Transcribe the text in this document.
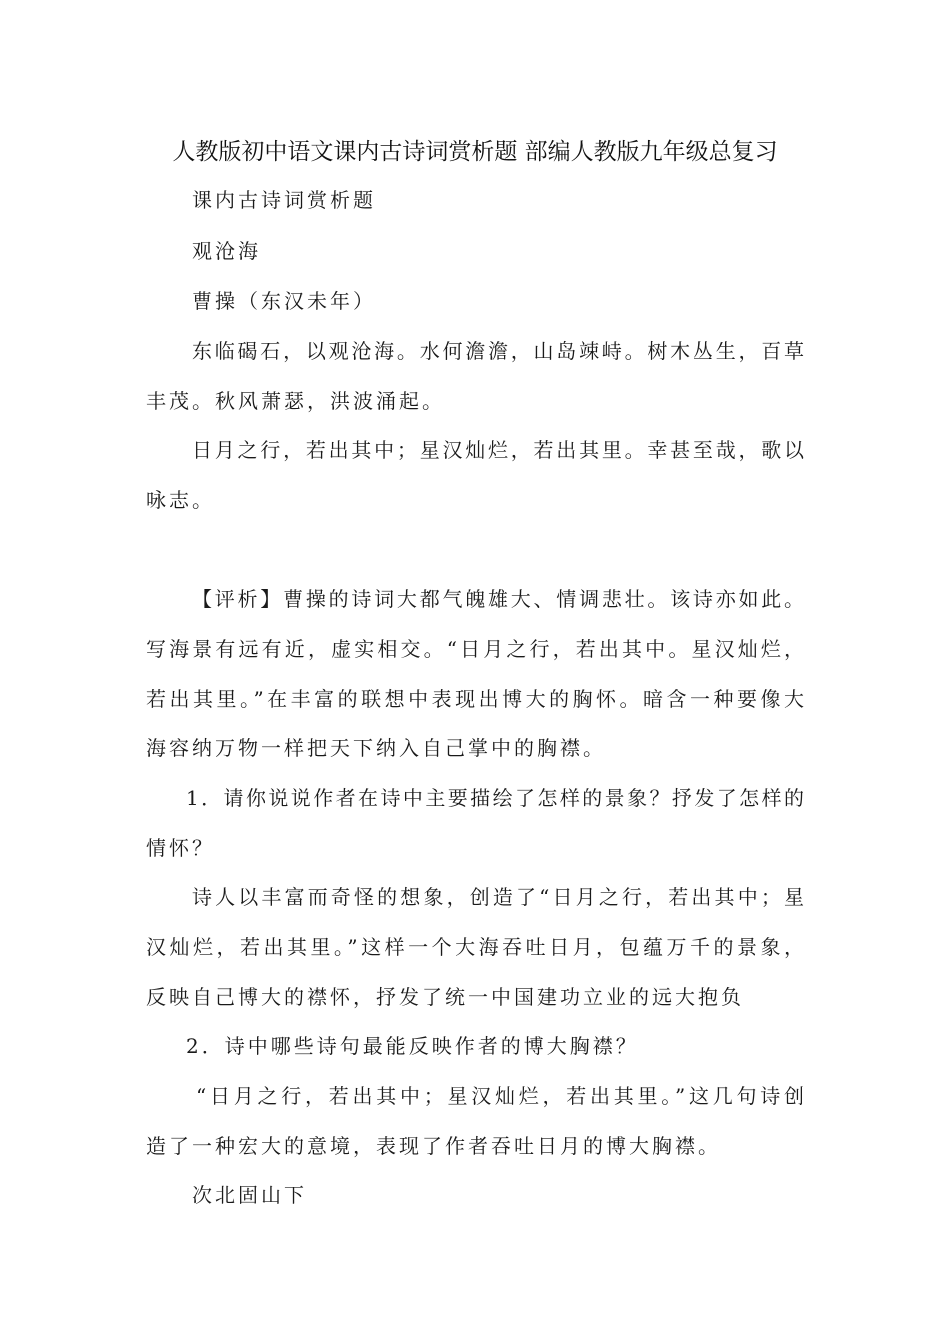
人教版初中语文课内古诗词赏析题 部编人教版九年级总复习
课内古诗词赏析题
观沧海
曹操（东汉未年）
东临碣石，以观沧海。水何澹澹，山岛竦峙。树木丛生，百草
丰茂。秋风萧瑟，洪波涌起。
日月之行，若出其中；星汉灿烂，若出其里。幸甚至哉，歌以
咏志。
【评析】曹操的诗词大都气魄雄大、情调悲壮。该诗亦如此。
写海景有远有近，虚实相交。“日月之行，若出其中。星汉灿烂，
若出其里。”在丰富的联想中表现出博大的胸怀。暗含一种要像大
海容纳万物一样把天下纳入自己掌中的胸襟。
1．请你说说作者在诗中主要描绘了怎样的景象？抒发了怎样的
情怀？
诗人以丰富而奇怪的想象，创造了“日月之行，若出其中；星
汉灿烂，若出其里。”这样一个大海吞吐日月，包蕴万千的景象，
反映自己博大的襟怀，抒发了统一中国建功立业的远大抱负
2．诗中哪些诗句最能反映作者的博大胸襟？
“日月之行，若出其中；星汉灿烂，若出其里。”这几句诗创
造了一种宏大的意境，表现了作者吞吐日月的博大胸襟。
次北固山下
